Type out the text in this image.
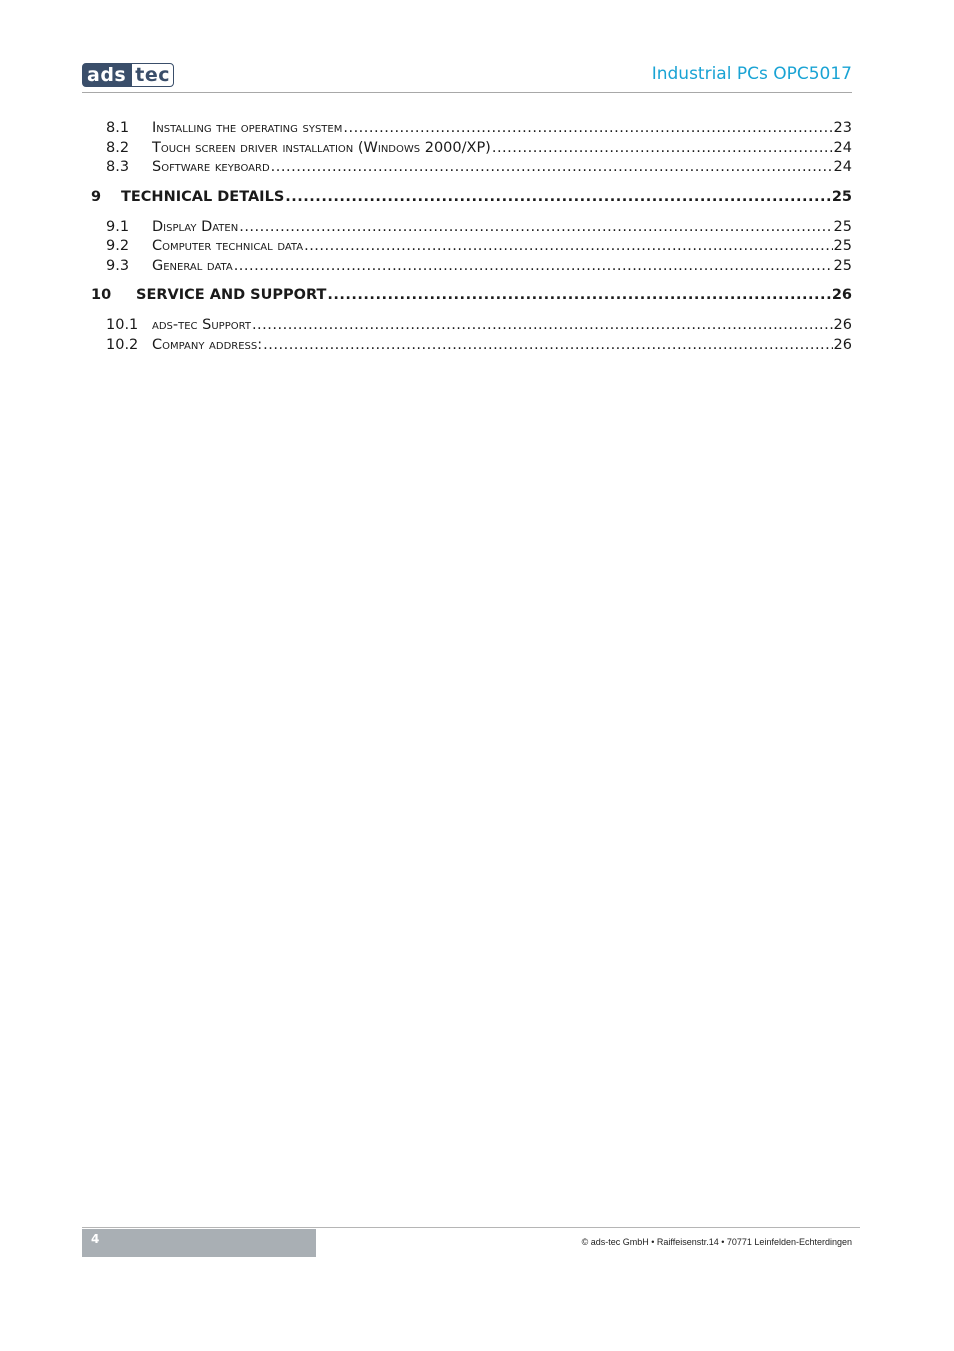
ads tec	Industrial PCs OPC5017
8.1	Installing the operating system .....	23
8.2	Touch screen driver installation (Windows 2000/XP) .....	24
8.3	Software keyboard .....	24
9	TECHNICAL DETAILS .....	25
9.1	Display Daten .....	25
9.2	Computer technical data .....	25
9.3	General data .....	25
10	SERVICE AND SUPPORT .....	26
10.1 ads-tec Support .....	26
10.2 Company address: .....	26
4	© ads-tec GmbH • Raiffeisenstr.14 • 70771 Leinfelden-Echterdingen
